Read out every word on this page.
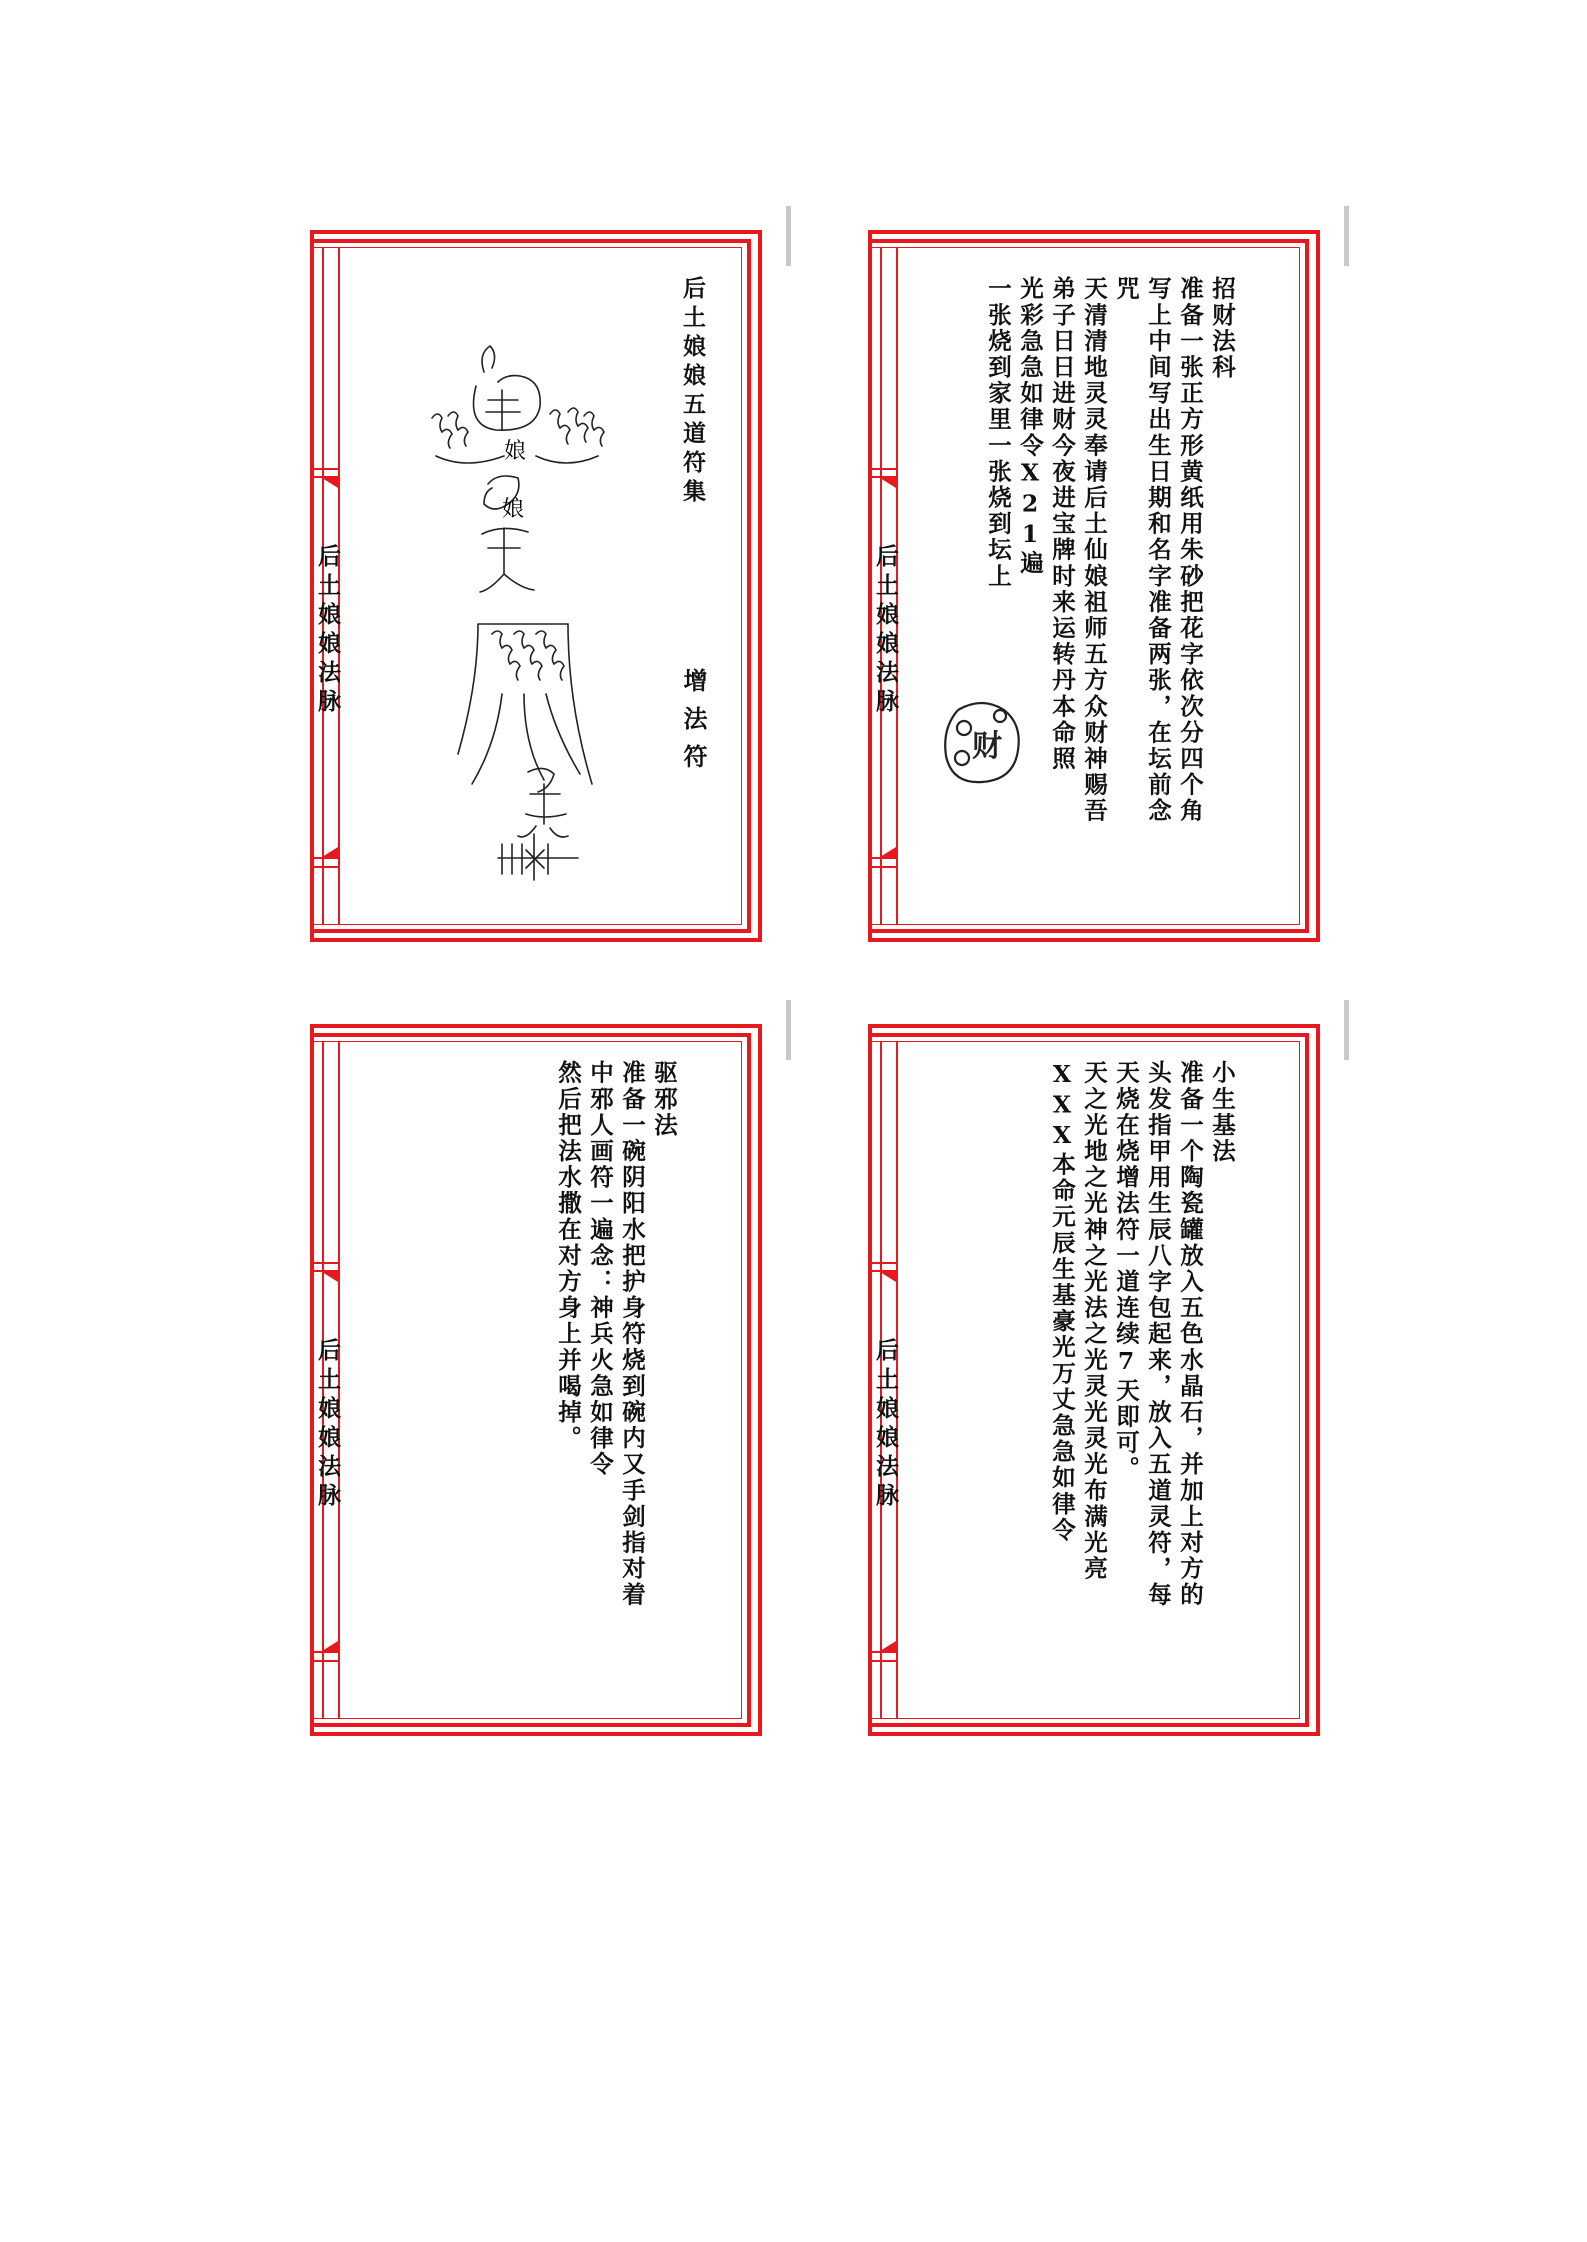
后土娘娘法脉
后土娘娘五道符集
增法符
娘
娘
后土娘娘法脉
招财法科
准备一张正方形黄纸用朱砂把花字依次分四个角
写上中间写出生日期和名字准备两张，在坛前念
咒
天清清地灵灵奉请后土仙娘祖师五方众财神赐吾
弟子日日进财今夜进宝牌时来运转丹本命照
光彩急急如律令X21遍
一张烧到家里一张烧到坛上
财
后土娘娘法脉
驱邪法
准备一碗阴阳水把护身符烧到碗内又手剑指对着
中邪人画符一遍念：神兵火急如律令
然后把法水撒在对方身上并喝掉。	后土娘娘法脉
小生基法
准备一个陶瓷罐放入五色水晶石，并加上对方的
头发指甲用生辰八字包起来，放入五道灵符，每
天烧在烧增法符一道连续7天即可。
天之光地之光神之光法之光灵光灵光布满光亮
XXX本命元辰生基豪光万丈急急如律令
